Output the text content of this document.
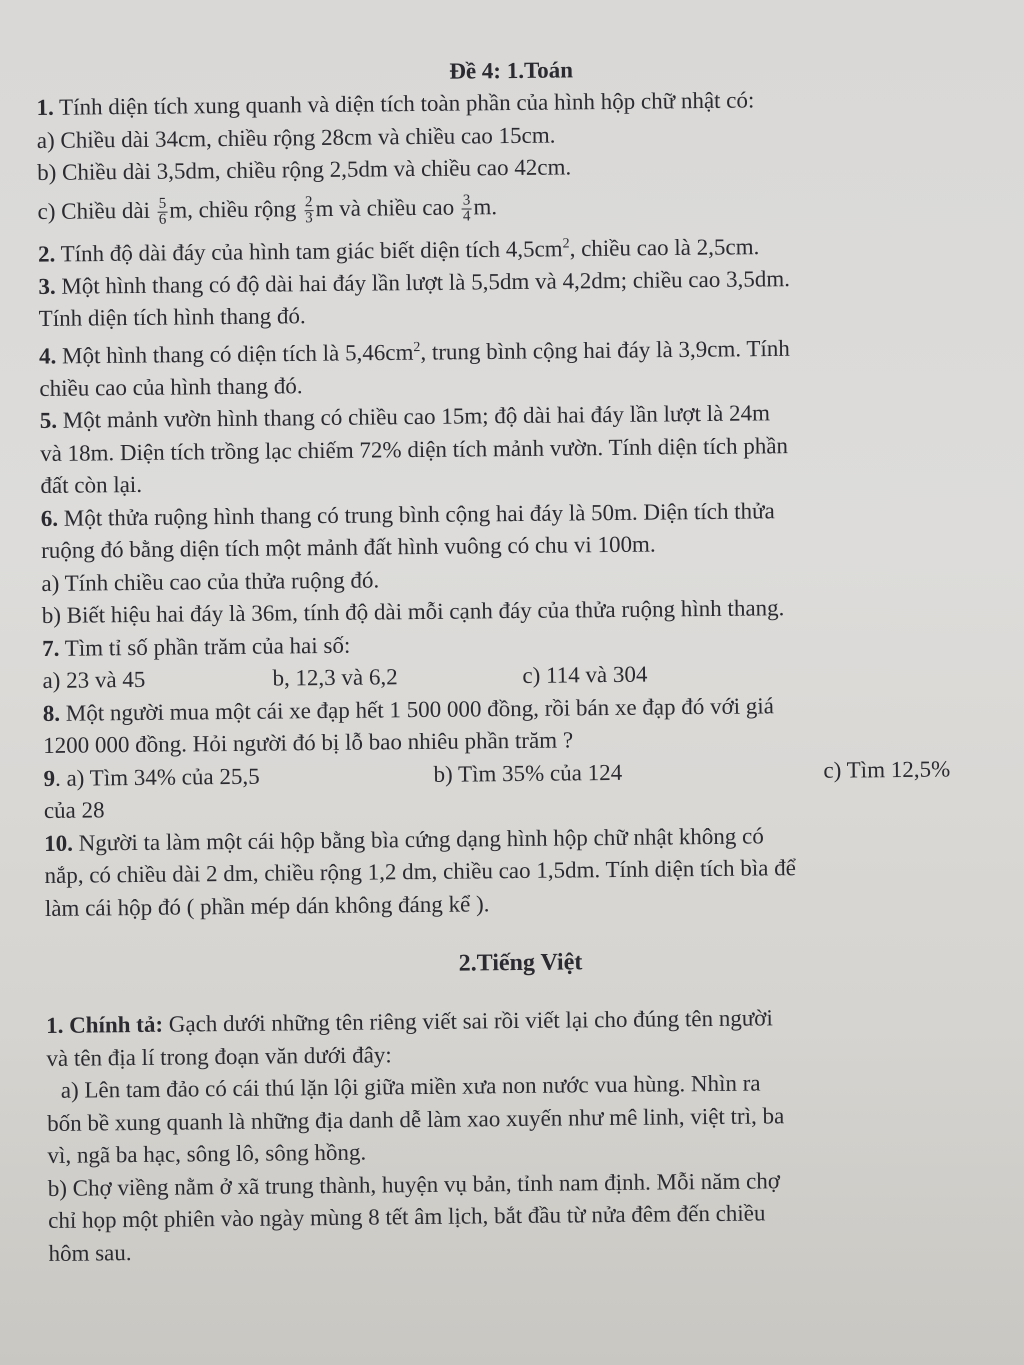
Đề 4: 1.Toán
1. Tính diện tích xung quanh và diện tích toàn phần của hình hộp chữ nhật có:
a) Chiều dài 34cm, chiều rộng 28cm và chiều cao 15cm.
b) Chiều dài 3,5dm, chiều rộng 2,5dm và chiều cao 42cm.
c) Chiều dài $\frac{5}{6} m$, chiều rộng $\frac{2}{3}$ m và chiều cao $\frac{3}{4} m$.
2. Tính độ dài đáy của hình tam giác biết diện tích $4,5cm^2$, chiều cao là 2,5cm.
3. Một hình thang có độ dài hai đáy lần lượt là 5,5dm và 4,2dm; chiều cao 3,5dm.
Tính diện tích hình thang đó.
4. Một hình thang có diện tích là $5,46cm^2$, trung bình cộng hai đáy là 3,9cm. Tính
chiều cao của hình thang đó.
5. Một mảnh vườn hình thang có chiều cao 15m; độ dài hai đáy lần lượt là 24m
và 18m. Diện tích trồng lạc chiếm 72% diện tích mảnh vườn. Tính diện tích phần
đất còn lại.
6. Một thửa ruộng hình thang có trung bình cộng hai đáy là 50m. Diện tích thửa
ruộng đó bằng diện tích một mảnh đất hình vuông có chu vi 100m.
a) Tính chiều cao của thửa ruộng đó.
b) Biết hiệu hai đáy là 36m, tính độ dài mỗi cạnh đáy của thửa ruộng hình thang.
7. Tìm tỉ số phần trăm của hai số:
a) 23 và 45	b, 12,3 và 6,2	c) 114 và 304
8. Một người mua một cái xe đạp hết 1 500 000 đồng, rồi bán xe đạp đó với giá
1200 000 đồng. Hỏi người đó bị lỗ bao nhiêu phần trăm ?
9. a) Tìm 34% của 25,5	b) Tìm 35% của 124	c) Tìm 12,5%
của 28
10. Người ta làm một cái hộp bằng bìa cứng dạng hình hộp chữ nhật không có
nắp, có chiều dài 2 dm, chiều rộng 1,2 dm, chiều cao 1,5dm. Tính diện tích bìa để
làm cái hộp đó ( phần mép dán không đáng kể ).
2.Tiếng Việt
1. Chính tả: Gạch dưới những tên riêng viết sai rồi viết lại cho đúng tên người
và tên địa lí trong đoạn văn dưới đây:
a) Lên tam đảo có cái thú lặn lội giữa miền xưa non nước vua hùng. Nhìn ra
bốn bề xung quanh là những địa danh dễ làm xao xuyến như mê linh, việt trì, ba
vì, ngã ba hạc, sông lô, sông hồng.
b) Chợ viềng nằm ở xã trung thành, huyện vụ bản, tỉnh nam định. Mỗi năm chợ
chỉ họp một phiên vào ngày mùng 8 tết âm lịch, bắt đầu từ nửa đêm đến chiều
hôm sau.
